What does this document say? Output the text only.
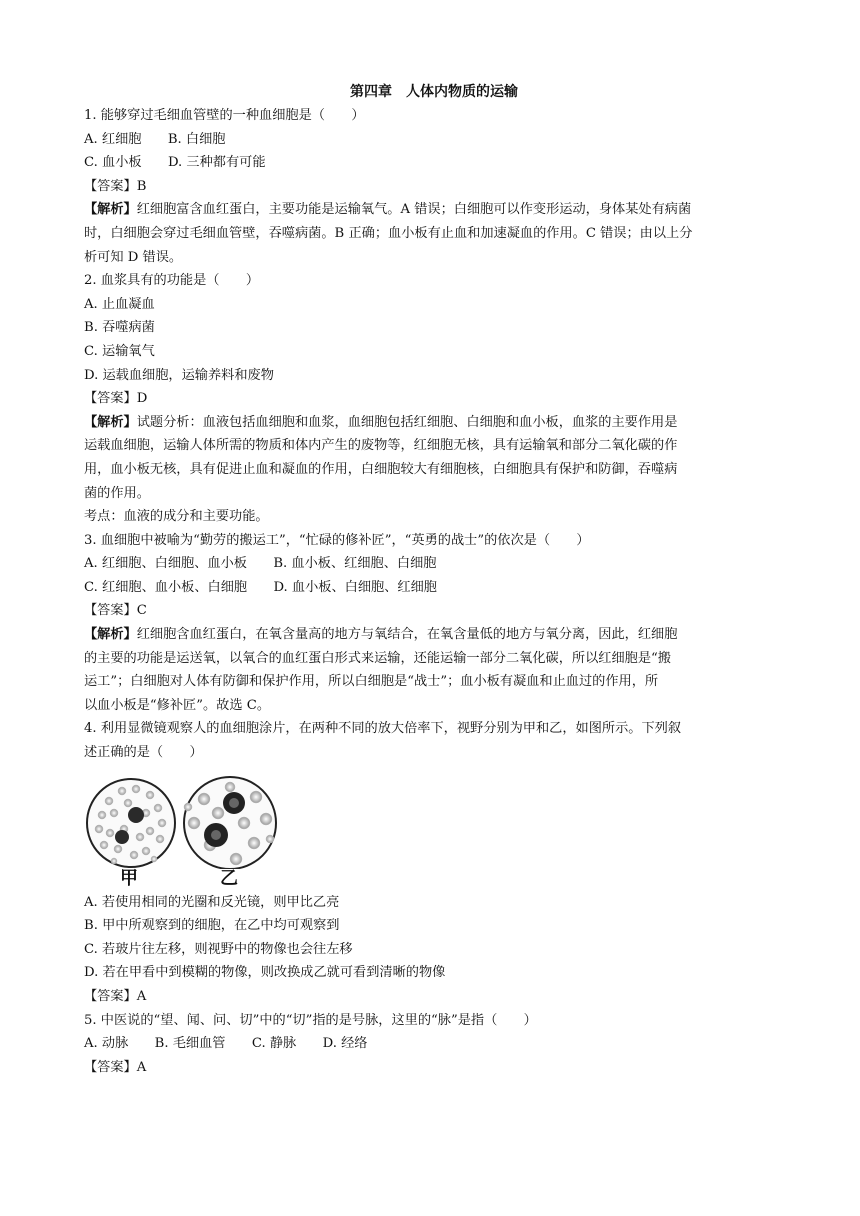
第四章　人体内物质的运输
1. 能够穿过毛细血管壁的一种血细胞是（　　）
A. 红细胞　　B. 白细胞
C. 血小板　　D. 三种都有可能
【答案】B
【解析】红细胞富含血红蛋白，主要功能是运输氧气。A 错误；白细胞可以作变形运动，身体某处有病菌
时，白细胞会穿过毛细血管壁，吞噬病菌。B 正确；血小板有止血和加速凝血的作用。C 错误；由以上分
析可知 D 错误。
2. 血浆具有的功能是（　　）
A. 止血凝血
B. 吞噬病菌
C. 运输氧气
D. 运载血细胞，运输养料和废物
【答案】D
【解析】试题分析：血液包括血细胞和血浆，血细胞包括红细胞、白细胞和血小板，血浆的主要作用是
运载血细胞，运输人体所需的物质和体内产生的废物等，红细胞无核，具有运输氧和部分二氧化碳的作
用，血小板无核，具有促进止血和凝血的作用，白细胞较大有细胞核，白细胞具有保护和防御，吞噬病
菌的作用。
考点：血液的成分和主要功能。
3. 血细胞中被喻为“勤劳的搬运工”，“忙碌的修补匠”，“英勇的战士”的依次是（　　）
A. 红细胞、白细胞、血小板　　B. 血小板、红细胞、白细胞
C. 红细胞、血小板、白细胞　　D. 血小板、白细胞、红细胞
【答案】C
【解析】红细胞含血红蛋白，在氧含量高的地方与氧结合，在氧含量低的地方与氧分离，因此，红细胞
的主要的功能是运送氧，以氧合的血红蛋白形式来运输，还能运输一部分二氧化碳，所以红细胞是“搬
运工”；白细胞对人体有防御和保护作用，所以白细胞是“战士”；血小板有凝血和止血过的作用，所
以血小板是“修补匠”。故选 C。
4. 利用显微镜观察人的血细胞涂片，在两种不同的放大倍率下，视野分别为甲和乙，如图所示。下列叙
述正确的是（　　）
甲	乙
A. 若使用相同的光圈和反光镜，则甲比乙亮
B. 甲中所观察到的细胞，在乙中均可观察到
C. 若玻片往左移，则视野中的物像也会往左移
D. 若在甲看中到模糊的物像，则改换成乙就可看到清晰的物像
【答案】A
5. 中医说的“望、闻、问、切”中的“切”指的是号脉，这里的“脉”是指（　　）
A. 动脉　　B. 毛细血管　　C. 静脉　　D. 经络
【答案】A
